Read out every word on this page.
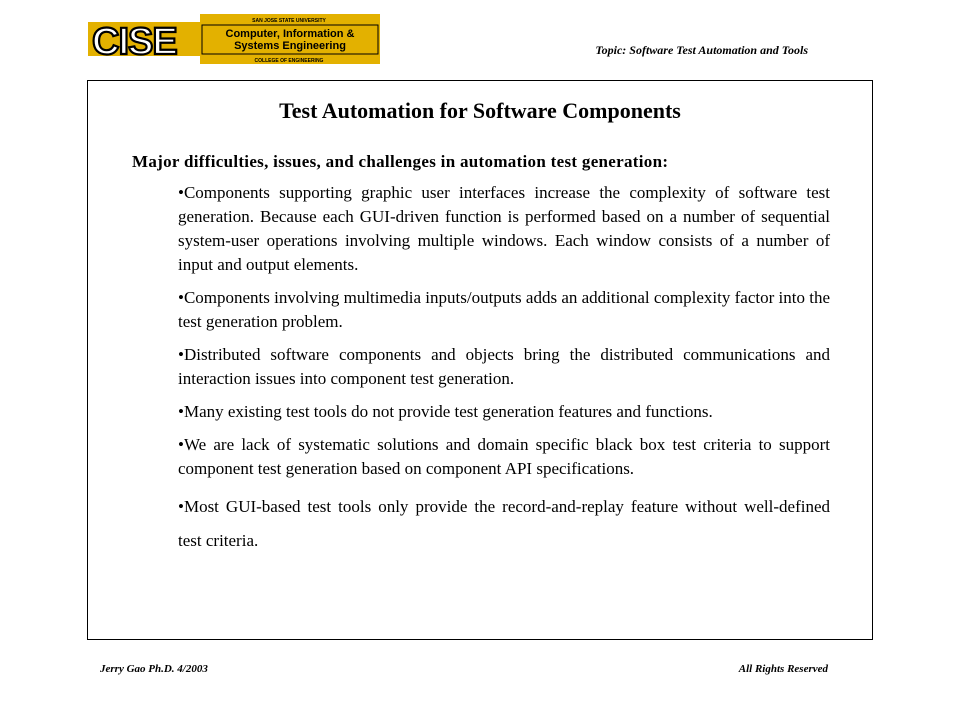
CISE	SAN JOSE STATE UNIVERSITY
Computer, Information &
Systems Engineering
COLLEGE OF ENGINEERING
Topic: Software Test Automation and Tools
Test Automation for Software Components
Major difficulties, issues, and challenges in automation test generation:
•Components supporting graphic user interfaces increase the complexity of software test generation. Because each GUI-driven function is performed based on a number of sequential system-user operations involving multiple windows. Each window consists of a number of input and output elements.
•Components involving multimedia inputs/outputs adds an additional complexity factor into the test generation problem.
•Distributed software components and objects bring the distributed communications and interaction issues into component test generation.
•Many existing test tools do not provide test generation features and functions.
•We are lack of systematic solutions and domain specific black box test criteria to support component test generation based on component API specifications.
•Most GUI-based test tools only provide the record-and-replay feature without well-defined test criteria.
Jerry Gao Ph.D. 4/2003	All Rights Reserved
